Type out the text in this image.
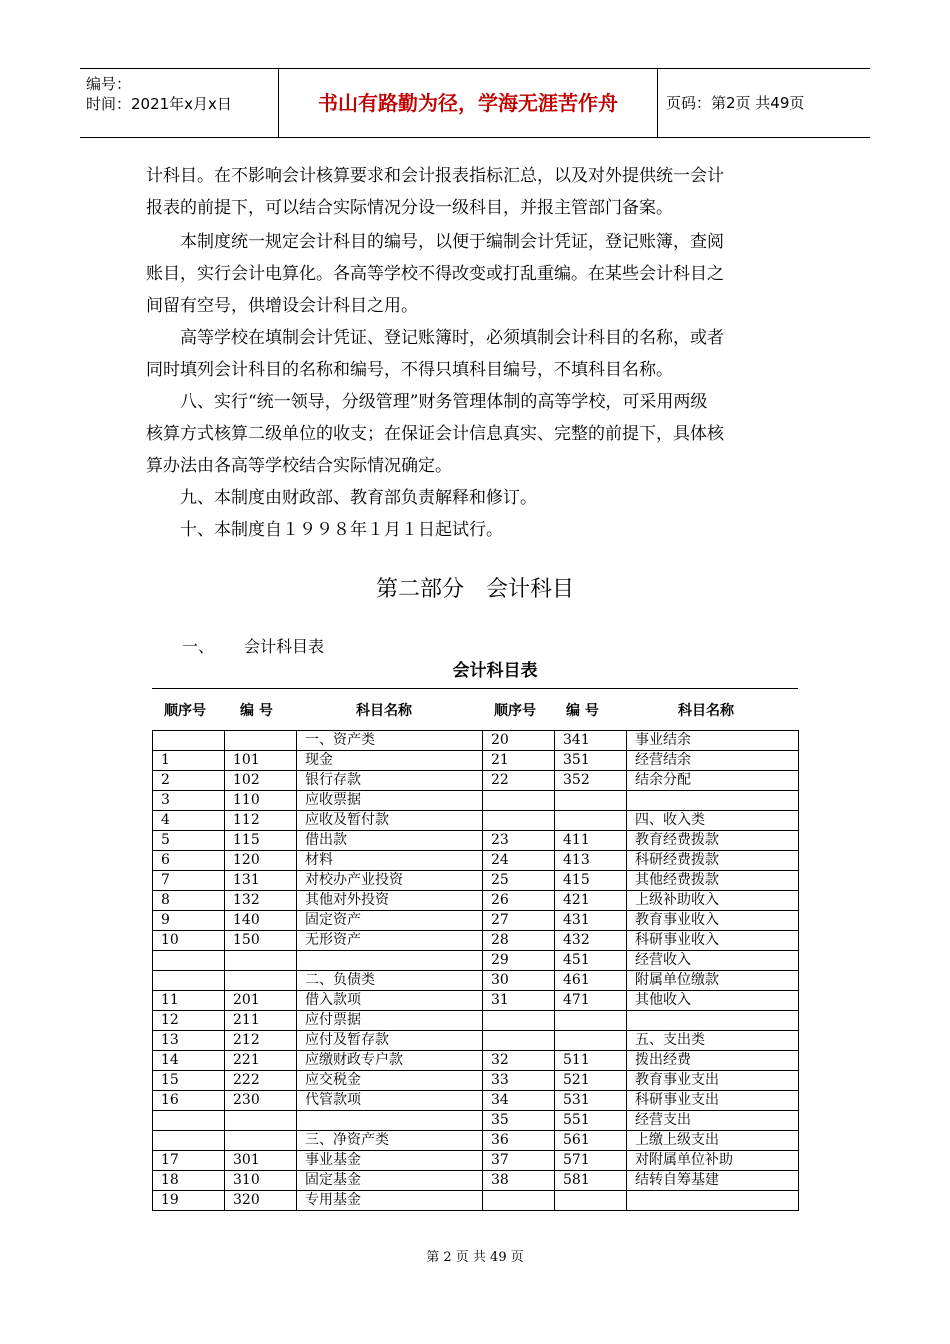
编号：
时间：2021年x月x日	书山有路勤为径，学海无涯苦作舟	页码：第2页 共49页
计科目。在不影响会计核算要求和会计报表指标汇总，以及对外提供统一会计
报表的前提下，可以结合实际情况分设一级科目，并报主管部门备案。
本制度统一规定会计科目的编号，以便于编制会计凭证，登记账簿，查阅
账目，实行会计电算化。各高等学校不得改变或打乱重编。在某些会计科目之
间留有空号，供增设会计科目之用。
高等学校在填制会计凭证、登记账簿时，必须填制会计科目的名称，或者
同时填列会计科目的名称和编号，不得只填科目编号，不填科目名称。
八、实行“统一领导，分级管理”财务管理体制的高等学校，可采用两级
核算方式核算二级单位的收支；在保证会计信息真实、完整的前提下，具体核
算办法由各高等学校结合实际情况确定。
九、本制度由财政部、教育部负责解释和修订。
十、本制度自１９９８年１月１日起试行。
第二部分　会计科目
一、 会计科目表
会计科目表
顺序号 编 号	科目名称	顺序号 编 号	科目名称
		一、资产类	20	341	事业结余
1	101	现金	21	351	经营结余
2	102	银行存款	22	352	结余分配
3	110	应收票据			
4	112	应收及暂付款			四、收入类
5	115	借出款	23	411	教育经费拨款
6	120	材料	24	413	科研经费拨款
7	131	对校办产业投资	25	415	其他经费拨款
8	132	其他对外投资	26	421	上级补助收入
9	140	固定资产	27	431	教育事业收入
10	150	无形资产	28	432	科研事业收入
			29	451	经营收入
		二、负债类	30	461	附属单位缴款
11	201	借入款项	31	471	其他收入
12	211	应付票据			
13	212	应付及暂存款			五、支出类
14	221	应缴财政专户款	32	511	拨出经费
15	222	应交税金	33	521	教育事业支出
16	230	代管款项	34	531	科研事业支出
			35	551	经营支出
		三、净资产类	36	561	上缴上级支出
17	301	事业基金	37	571	对附属单位补助
18	310	固定基金	38	581	结转自筹基建
19	320	专用基金			
第 2 页 共 49 页
